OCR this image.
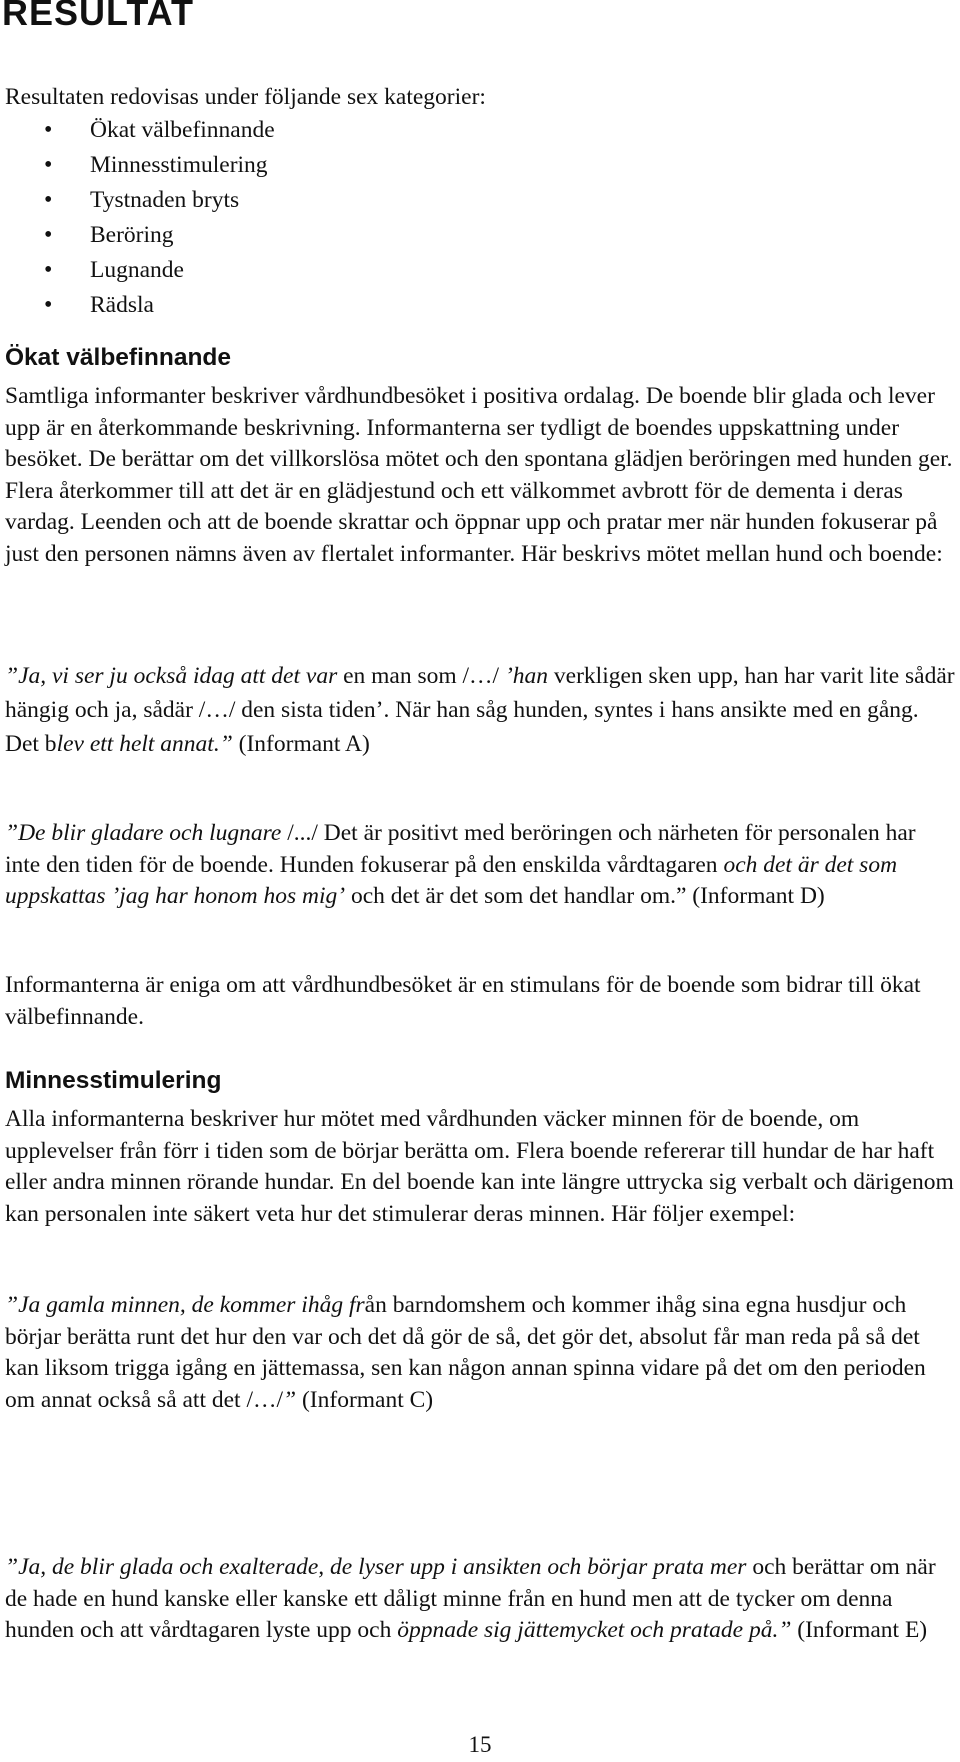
RESULTAT

Resultaten redovisas under följande sex kategorier:

• Ökat välbefinnande
• Minnesstimulering
• Tystnaden bryts
• Beröring
• Lugnande
• Rädsla
Ökat välbefinnande

Samtliga informanter beskriver vårdhundbesöket i positiva ordalag. De boende blir glada och lever upp är en återkommande beskrivning. Informanterna ser tydligt de boendes uppskattning under besöket. De berättar om det villkorslösa mötet och den spontana glädjen beröringen med hunden ger. Flera återkommer till att det är en glädjestund och ett välkommet avbrott för de dementa i deras vardag. Leenden och att de boende skrattar och öppnar upp och pratar mer när hunden fokuserar på just den personen nämns även av flertalet informanter. Här beskrivs mötet mellan hund och boende:

”Ja, vi ser ju också idag att det var en man som /…/ ’han verkligen sken upp, han har varit lite sådär hängig och ja, sådär /…/ den sista tiden’. När han såg hunden, syntes i hans ansikte med en gång. Det blev ett helt annat.” (Informant A)

”De blir gladare och lugnare /.../ Det är positivt med beröringen och närheten för personalen har inte den tiden för de boende. Hunden fokuserar på den enskilda vårdtagaren och det är det som uppskattas ’jag har honom hos mig’ och det är det som det handlar om.” (Informant D)

Informanterna är eniga om att vårdhundbesöket är en stimulans för de boende som bidrar till ökat välbefinnande.

Minnesstimulering

Alla informanterna beskriver hur mötet med vårdhunden väcker minnen för de boende, om upplevelser från förr i tiden som de börjar berätta om. Flera boende refererar till hundar de har haft eller andra minnen rörande hundar. En del boende kan inte längre uttrycka sig verbalt och därigenom kan personalen inte säkert veta hur det stimulerar deras minnen. Här följer exempel:

”Ja gamla minnen, de kommer ihåg från barndomshem och kommer ihåg sina egna husdjur och börjar berätta runt det hur den var och det då gör de så, det gör det, absolut får man reda på så det kan liksom trigga igång en jättemassa, sen kan någon annan spinna vidare på det om den perioden om annat också så att det /…/” (Informant C)

”Ja, de blir glada och exalterade, de lyser upp i ansikten och börjar prata mer och berättar om när de hade en hund kanske eller kanske ett dåligt minne från en hund men att de tycker om denna hunden och att vårdtagaren lyste upp och öppnade sig jättemycket och pratade på.” (Informant E)

15
